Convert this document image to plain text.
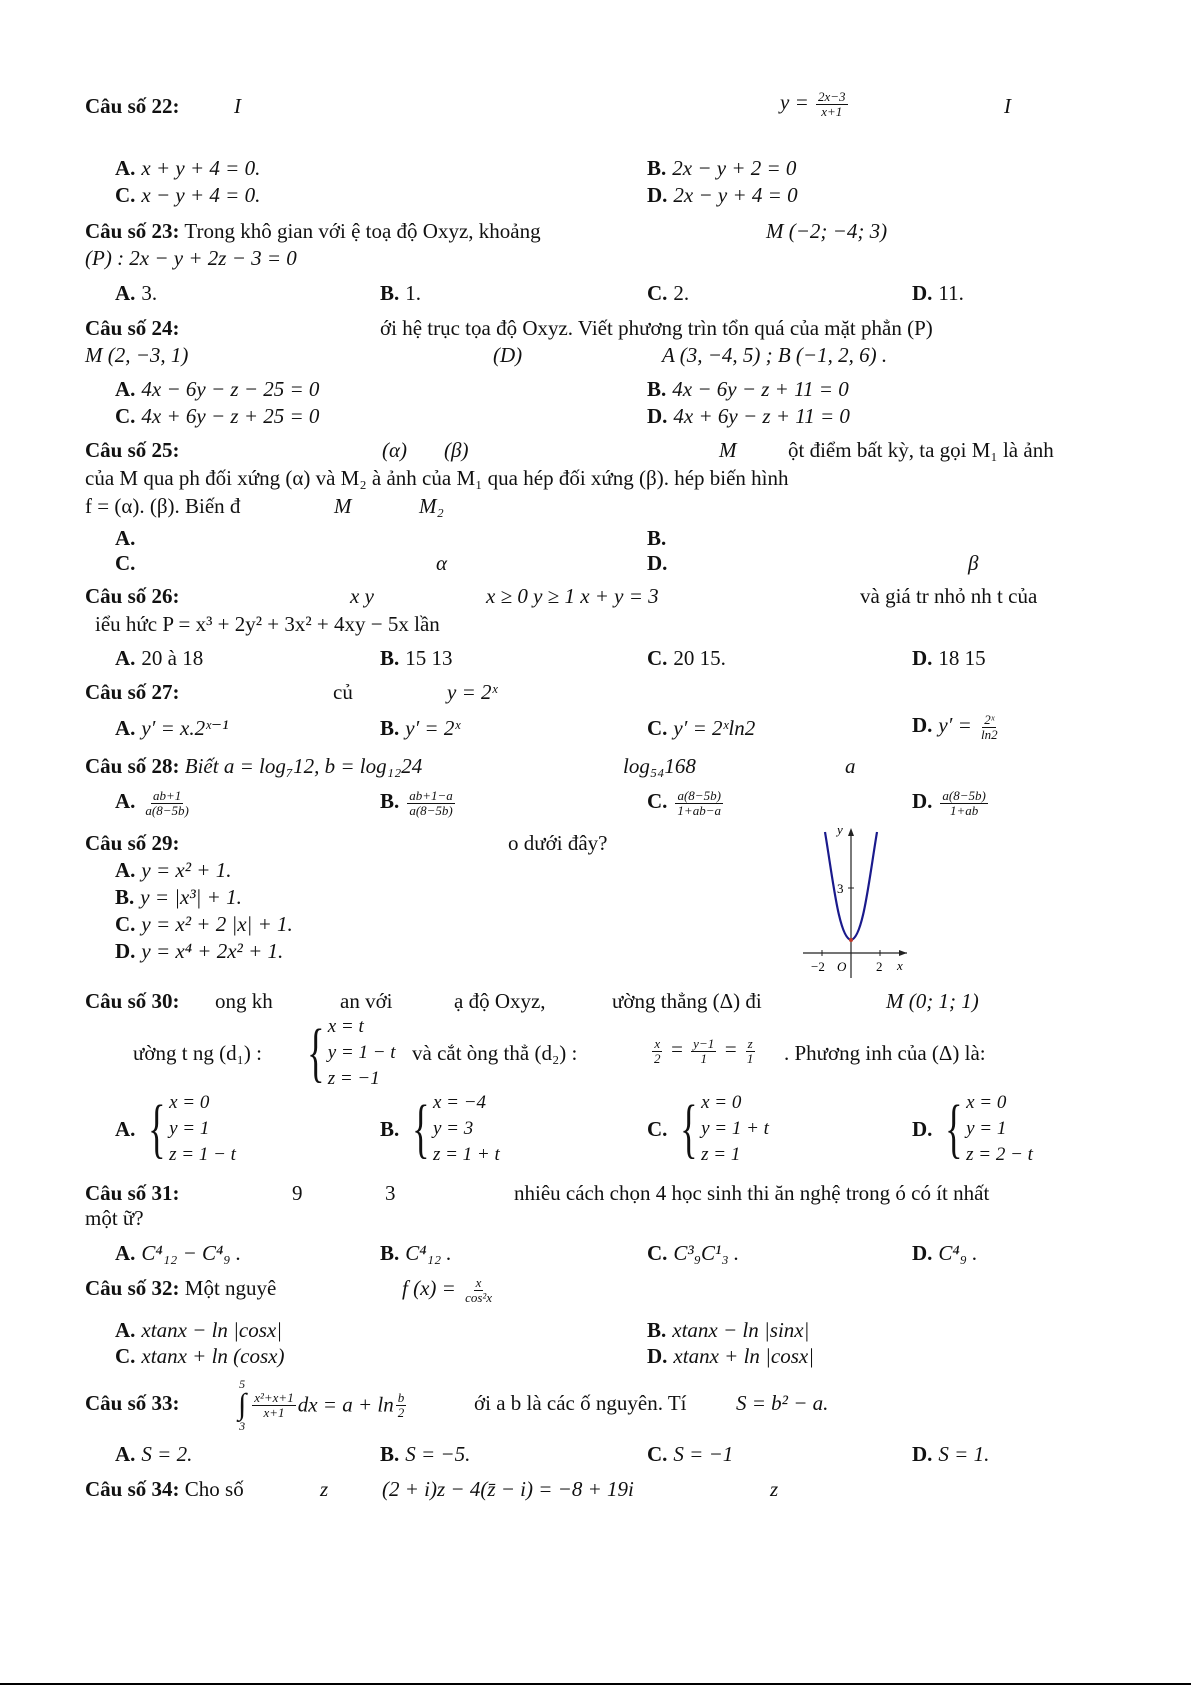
Câu số 22:	I	$y = \frac{2x-3}{x+1}$	I
A. x + y + 4 = 0.	B. 2x − y + 2 = 0
C. x − y + 4 = 0.	D. 2x − y + 4 = 0
Câu số 23: Trong khô gian với ệ toạ độ Oxyz, khoảng	M (−2; −4; 3)
(P) : 2x − y + 2z − 3 = 0
A. 3.	B. 1.	C. 2.	D. 11.
Câu số 24:	ới hệ trục tọa độ Oxyz. Viết phương trìn tổn quá của mặt phẳn (P)
M (2, −3, 1)	(D)	A (3, −4, 5) ; B (−1, 2, 6) .
A. 4x − 6y − z − 25 = 0	B. 4x − 6y − z + 11 = 0
C. 4x + 6y − z + 25 = 0	D. 4x + 6y − z + 11 = 0
Câu số 25:	(α) (β)	M ột điểm bất kỳ, ta gọi M₁ là ảnh
của M qua ph đối xứng (α) và M₂ à ảnh của M₁ qua hép đối xứng (β). hép biến hình
f = (α). (β). Biến đ	M	M₂
A.	B.
C.	α	D.	β
Câu số 26:	x y	x ≥ 0 y ≥ 1 x + y = 3	và giá tr nhỏ nh t của
iểu hức P = x³ + 2y² + 3x² + 4xy − 5x lần
A. 20 à 18	B. 15 13	C. 20 15.	D. 18 15
Câu số 27:	củ	y = 2ˣ
A. y′ = x.2ˣ⁻¹	B. y′ = 2ˣ	C. y′ = 2ˣln2	D. $y' = \frac{\text{2ˣ}}{\ln 2}$
Câu số 28: Biết a = log₇12, b = log₁₂24	log₅₄168	a
A. $\frac{ab+1}{a(8-5b)}$	B. $\frac{ab+1-a}{a(8-5b)}$	C. $\frac{a(8-5b)}{1+ab-a}$	D. $\frac{a(8-5b)}{1+ab}$
Câu số 29:	o dưới đây?
A. y = x² + 1.
B. y = |x³| + 1.
C. y = x² + 2 |x| + 1.
D. y = x⁴ + 2x² + 1.
y
x
3
−2 O 2
Câu số 30: ong kh	an với	ạ độ Oxyz,	ường thẳng (Δ) đi	M (0; 1; 1)
ường t ng (d₁) : { x = t
y = 1 − t
z = −1
và cắt òng thẳ (d₂) :	$\frac{x}{2} = \frac{y-1}{1} = \frac{z}{1}$ . Phương inh của (Δ) là:
A. { x = 0
y = 1
z = 1 − t
B. { x = −4
y = 3
z = 1 + t
C. { x = 0
y = 1 + t
z = 1
D. { x = 0
y = 1
z = 2 − t
Câu số 31:	9	3	nhiêu cách chọn 4 học sinh thi ăn nghệ trong ó có ít nhất
một ữ?
A. C⁴₁₂ − C⁴₉ .	B. C⁴₁₂ .	C. C³₉C¹₃ .	D. C⁴₉ .
Câu số 32: Một nguyê	f $(x) = \frac{x}{\text{cos²x}}$
A. xtanx − ln |cosx|	B. xtanx − ln |sinx|
C. xtanx + ln (cosx)	D. xtanx + ln |cosx|
Câu số 33:
5
∫
3
$\frac{\text{x²+x+1}}{x+1}$ dx = $a + \ln \frac{b}{2}$	ới a b là các ố nguyên. Tí S = b² − a.
A. S = 2.	B. S = −5.	C. S = −1	D. S = 1.
Câu số 34: Cho số	z	(2 + i)z − 4(z̄ − i) = −8 + 19i	z
